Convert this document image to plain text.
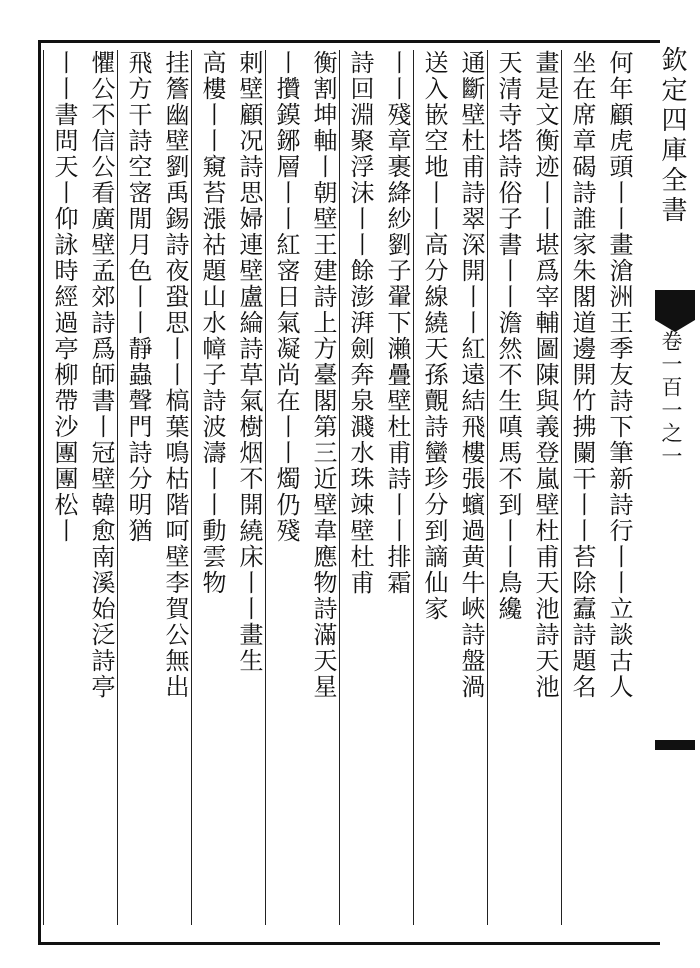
欽定四庫全書
卷一百一之一
何年顧虎頭丨丨畫滄洲王季友詩下筆新詩行丨丨立談古人
坐在席章碣詩誰家朱閣道邊開竹拂闌干丨丨苔除蠧詩題名
畫是文衡迹丨丨堪爲宰輔圖陳與義登嵐壁杜甫天池詩天池
天清寺塔詩俗子書丨丨澹然不生嗔馬不到丨丨鳥纔
通斷壁杜甫詩翠深開丨丨紅遠結飛樓張蠙過黄牛峽詩盤渦
送入嵌空地丨丨高分線繞天孫覿詩蠻珍分到謫仙家
丨丨殘章裹絳紗劉子翬下瀨疊壁杜甫詩丨丨排霜
詩回淵聚浮沫丨丨餘澎湃劍奔泉濺水珠竦壁杜甫
衡割坤軸丨朝壁王建詩上方臺閣第三近壁韋應物詩滿天星
丨攢鏌鋣層丨丨紅宻日氣凝尚在丨丨燭仍殘
剌壁顧况詩思婦連壁盧綸詩草氣樹烟不開繞床丨丨畫生
高樓丨丨窺苔漲祜題山水幛子詩波濤丨丨動雲物
挂簷幽壁劉禹錫詩夜蛩思丨丨槁葉鳴枯階呵壁李賀公無出
飛方干詩空宻閒月色丨丨靜蟲聲門詩分明猶
懼公不信公看廣壁孟郊詩爲師書丨冠壁韓愈南溪始泛詩亭
丨丨書問天丨仰詠時經過亭柳帶沙團團松丨
